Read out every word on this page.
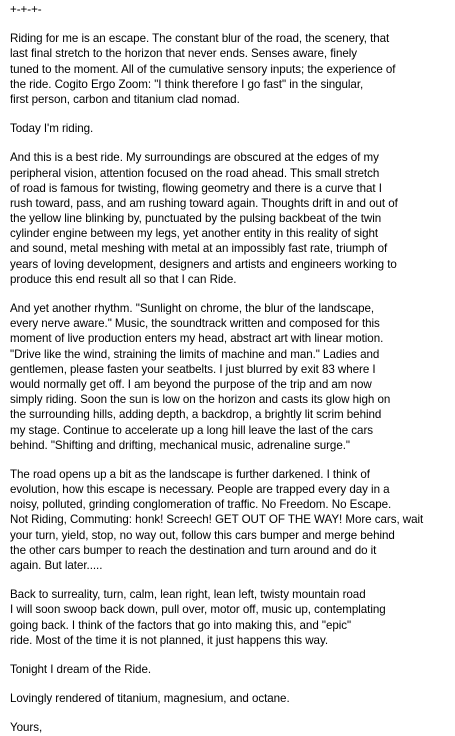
+-+-+-
Riding for me is an escape. The constant blur of the road, the scenery, that
last final stretch to the horizon that never ends. Senses aware, finely
tuned to the moment. All of the cumulative sensory inputs; the experience of
the ride. Cogito Ergo Zoom: "I think therefore I go fast" in the singular,
first person, carbon and titanium clad nomad.
Today I'm riding.
And this is a best ride. My surroundings are obscured at the edges of my
peripheral vision, attention focused on the road ahead. This small stretch
of road is famous for twisting, flowing geometry and there is a curve that I
rush toward, pass, and am rushing toward again. Thoughts drift in and out of
the yellow line blinking by, punctuated by the pulsing backbeat of the twin
cylinder engine between my legs, yet another entity in this reality of sight
and sound, metal meshing with metal at an impossibly fast rate, triumph of
years of loving development, designers and artists and engineers working to
produce this end result all so that I can Ride.
And yet another rhythm. "Sunlight on chrome, the blur of the landscape,
every nerve aware." Music, the soundtrack written and composed for this
moment of live production enters my head, abstract art with linear motion.
"Drive like the wind, straining the limits of machine and man." Ladies and
gentlemen, please fasten your seatbelts. I just blurred by exit 83 where I
would normally get off. I am beyond the purpose of the trip and am now
simply riding. Soon the sun is low on the horizon and casts its glow high on
the surrounding hills, adding depth, a backdrop, a brightly lit scrim behind
my stage. Continue to accelerate up a long hill leave the last of the cars
behind. "Shifting and drifting, mechanical music, adrenaline surge."
The road opens up a bit as the landscape is further darkened. I think of
evolution, how this escape is necessary. People are trapped every day in a
noisy, polluted, grinding conglomeration of traffic. No Freedom. No Escape.
Not Riding, Commuting: honk! Screech! GET OUT OF THE WAY! More cars, wait
your turn, yield, stop, no way out, follow this cars bumper and merge behind
the other cars bumper to reach the destination and turn around and do it
again. But later.....
Back to surreality, turn, calm, lean right, lean left, twisty mountain road
I will soon swoop back down, pull over, motor off, music up, contemplating
going back. I think of the factors that go into making this, and "epic"
ride. Most of the time it is not planned, it just happens this way.
Tonight I dream of the Ride.
Lovingly rendered of titanium, magnesium, and octane.
Yours,
